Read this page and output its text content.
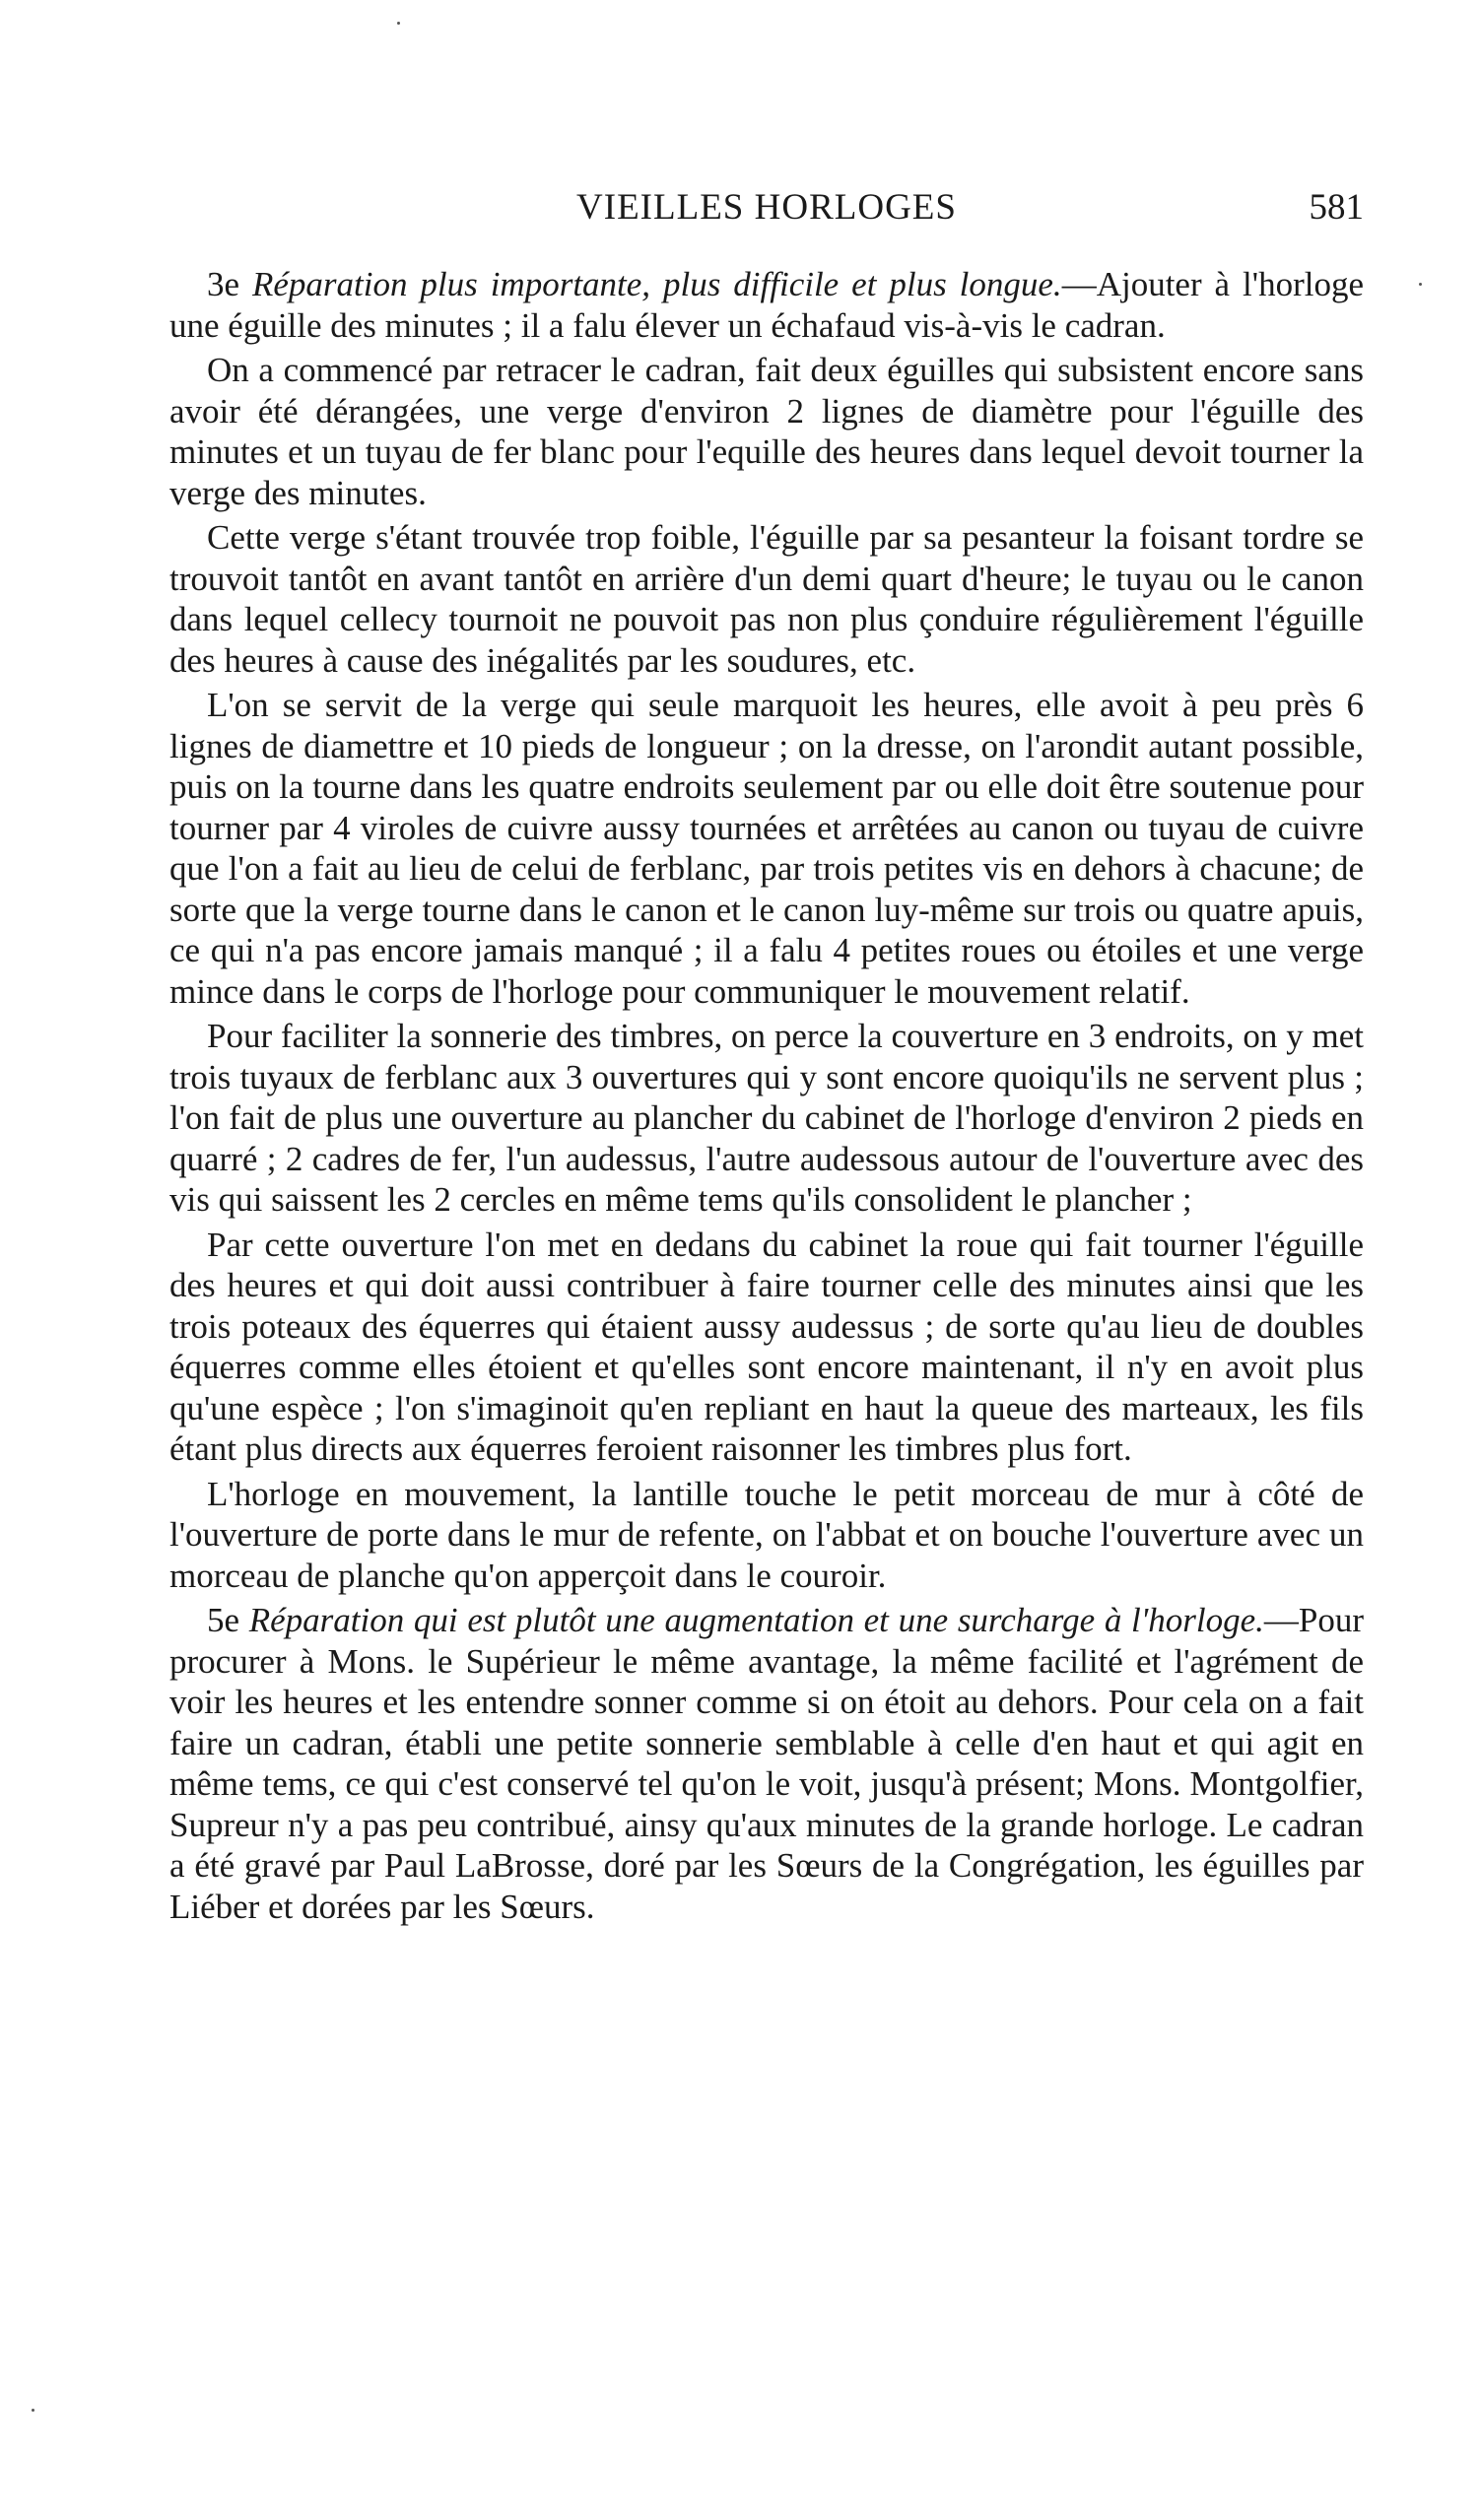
VIEILLES HORLOGES	581

3e Réparation plus importante, plus difficile et plus longue.—Ajouter à l'horloge une éguille des minutes ; il a falu élever un échafaud vis-à-vis le cadran.

On a commencé par retracer le cadran, fait deux éguilles qui subsistent encore sans avoir été dérangées, une verge d'environ 2 lignes de diamètre pour l'éguille des minutes et un tuyau de fer blanc pour l'equille des heures dans lequel devoit tourner la verge des minutes.

Cette verge s'étant trouvée trop foible, l'éguille par sa pesanteur la foisant tordre se trouvoit tantôt en avant tantôt en arrière d'un demi quart d'heure; le tuyau ou le canon dans lequel cellecy tournoit ne pouvoit pas non plus çonduire régulièrement l'éguille des heures à cause des inégalités par les soudures, etc.

L'on se servit de la verge qui seule marquoit les heures, elle avoit à peu près 6 lignes de diamettre et 10 pieds de longueur ; on la dresse, on l'arondit autant possible, puis on la tourne dans les quatre endroits seulement par ou elle doit être soutenue pour tourner par 4 viroles de cuivre aussy tournées et arrêtées au canon ou tuyau de cuivre que l'on a fait au lieu de celui de ferblanc, par trois petites vis en dehors à chacune; de sorte que la verge tourne dans le canon et le canon luy-même sur trois ou quatre apuis, ce qui n'a pas encore jamais manqué ; il a falu 4 petites roues ou étoiles et une verge mince dans le corps de l'horloge pour communiquer le mouvement relatif.

Pour faciliter la sonnerie des timbres, on perce la couverture en 3 endroits, on y met trois tuyaux de ferblanc aux 3 ouvertures qui y sont encore quoiqu'ils ne servent plus ; l'on fait de plus une ouverture au plancher du cabinet de l'horloge d'environ 2 pieds en quarré ; 2 cadres de fer, l'un audessus, l'autre audessous autour de l'ouverture avec des vis qui saissent les 2 cercles en même tems qu'ils consolident le plancher ;

Par cette ouverture l'on met en dedans du cabinet la roue qui fait tourner l'éguille des heures et qui doit aussi contribuer à faire tourner celle des minutes ainsi que les trois poteaux des équerres qui étaient aussy audessus ; de sorte qu'au lieu de doubles équerres comme elles étoient et qu'elles sont encore maintenant, il n'y en avoit plus qu'une espèce ; l'on s'imaginoit qu'en repliant en haut la queue des marteaux, les fils étant plus directs aux équerres feroient raisonner les timbres plus fort.

L'horloge en mouvement, la lantille touche le petit morceau de mur à côté de l'ouverture de porte dans le mur de refente, on l'abbat et on bouche l'ouverture avec un morceau de planche qu'on apperçoit dans le couroir.

5e Réparation qui est plutôt une augmentation et une surcharge à l'horloge.—Pour procurer à Mons. le Supérieur le même avantage, la même facilité et l'agrément de voir les heures et les entendre sonner comme si on étoit au dehors. Pour cela on a fait faire un cadran, établi une petite sonnerie semblable à celle d'en haut et qui agit en même tems, ce qui c'est conservé tel qu'on le voit, jusqu'à présent; Mons. Montgolfier, Supreur n'y a pas peu contribué, ainsy qu'aux minutes de la grande horloge. Le cadran a été gravé par Paul LaBrosse, doré par les Sœurs de la Congrégation, les éguilles par Liéber et dorées par les Sœurs.
